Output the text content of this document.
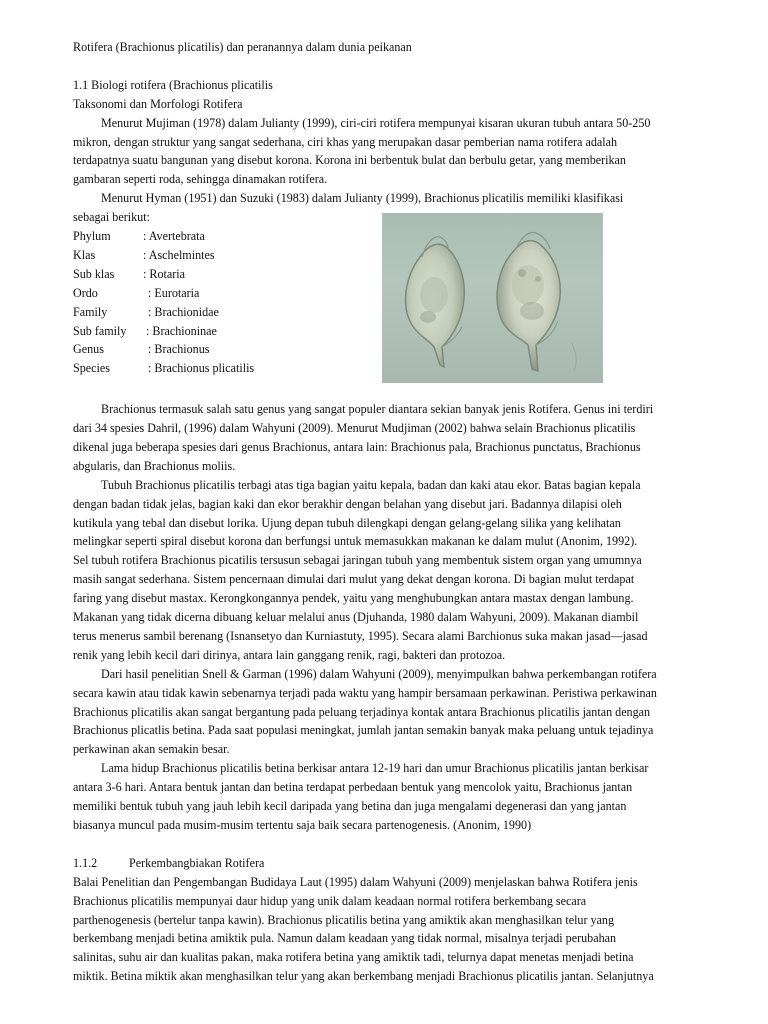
Rotifera (Brachionus plicatilis) dan peranannya dalam dunia peikanan
1.1 Biologi rotifera (Brachionus plicatilis
Taksonomi dan Morfologi Rotifera
Menurut Mujiman (1978) dalam Julianty (1999), ciri-ciri rotifera mempunyai kisaran ukuran tubuh antara 50-250
mikron, dengan struktur yang sangat sederhana, ciri khas yang merupakan dasar pemberian nama rotifera adalah
terdapatnya suatu bangunan yang disebut korona. Korona ini berbentuk bulat dan berbulu getar, yang memberikan
gambaran seperti roda, sehingga dinamakan rotifera.
Menurut Hyman (1951) dan Suzuki (1983) dalam Julianty (1999), Brachionus plicatilis memiliki klasifikasi
sebagai berikut:
Phylum	: Avertebrata
Klas	: Aschelmintes
Sub klas : Rotaria
Ordo	: Eurotaria
Family	: Brachionidae
Sub family : Brachioninae
Genus	: Brachionus
Species	: Brachionus plicatilis
Brachionus termasuk salah satu genus yang sangat populer diantara sekian banyak jenis Rotifera. Genus ini terdiri
dari 34 spesies Dahril, (1996) dalam Wahyuni (2009). Menurut Mudjiman (2002) bahwa selain Brachionus plicatilis
dikenal juga beberapa spesies dari genus Brachionus, antara lain: Brachionus pala, Brachionus punctatus, Brachionus
abgularis, dan Brachionus moliis.
Tubuh Brachionus plicatilis terbagi atas tiga bagian yaitu kepala, badan dan kaki atau ekor. Batas bagian kepala
dengan badan tidak jelas, bagian kaki dan ekor berakhir dengan belahan yang disebut jari. Badannya dilapisi oleh
kutikula yang tebal dan disebut lorika. Ujung depan tubuh dilengkapi dengan gelang-gelang silika yang kelihatan
melingkar seperti spiral disebut korona dan berfungsi untuk memasukkan makanan ke dalam mulut (Anonim, 1992).
Sel tubuh rotifera Brachionus picatilis tersusun sebagai jaringan tubuh yang membentuk sistem organ yang umumnya
masih sangat sederhana. Sistem pencernaan dimulai dari mulut yang dekat dengan korona. Di bagian mulut terdapat
faring yang disebut mastax. Kerongkongannya pendek, yaitu yang menghubungkan antara mastax dengan lambung.
Makanan yang tidak dicerna dibuang keluar melalui anus (Djuhanda, 1980 dalam Wahyuni, 2009). Makanan diambil
terus menerus sambil berenang (Isnansetyo dan Kurniastuty, 1995). Secara alami Barchionus suka makan jasad—jasad
renik yang lebih kecil dari dirinya, antara lain ganggang renik, ragi, bakteri dan protozoa.
Dari hasil penelitian Snell & Garman (1996) dalam Wahyuni (2009), menyimpulkan bahwa perkembangan rotifera
secara kawin atau tidak kawin sebenarnya terjadi pada waktu yang hampir bersamaan perkawinan. Peristiwa perkawinan
Brachionus plicatilis akan sangat bergantung pada peluang terjadinya kontak antara Brachionus plicatilis jantan dengan
Brachionus plicatlis betina. Pada saat populasi meningkat, jumlah jantan semakin banyak maka peluang untuk tejadinya
perkawinan akan semakin besar.
Lama hidup Brachionus plicatilis betina berkisar antara 12-19 hari dan umur Brachionus plicatilis jantan berkisar
antara 3-6 hari. Antara bentuk jantan dan betina terdapat perbedaan bentuk yang mencolok yaitu, Brachionus jantan
memiliki bentuk tubuh yang jauh lebih kecil daripada yang betina dan juga mengalami degenerasi dan yang jantan
biasanya muncul pada musim-musim tertentu saja baik secara partenogenesis. (Anonim, 1990)
1.1.2	Perkembangbiakan Rotifera
Balai Penelitian dan Pengembangan Budidaya Laut (1995) dalam Wahyuni (2009) menjelaskan bahwa Rotifera jenis
Brachionus plicatilis mempunyai daur hidup yang unik dalam keadaan normal rotifera berkembang secara
parthenogenesis (bertelur tanpa kawin). Brachionus plicatilis betina yang amiktik akan menghasilkan telur yang
berkembang menjadi betina amiktik pula. Namun dalam keadaan yang tidak normal, misalnya terjadi perubahan
salinitas, suhu air dan kualitas pakan, maka rotifera betina yang amiktik tadi, telurnya dapat menetas menjadi betina
miktik. Betina miktik akan menghasilkan telur yang akan berkembang menjadi Brachionus plicatilis jantan. Selanjutnya
